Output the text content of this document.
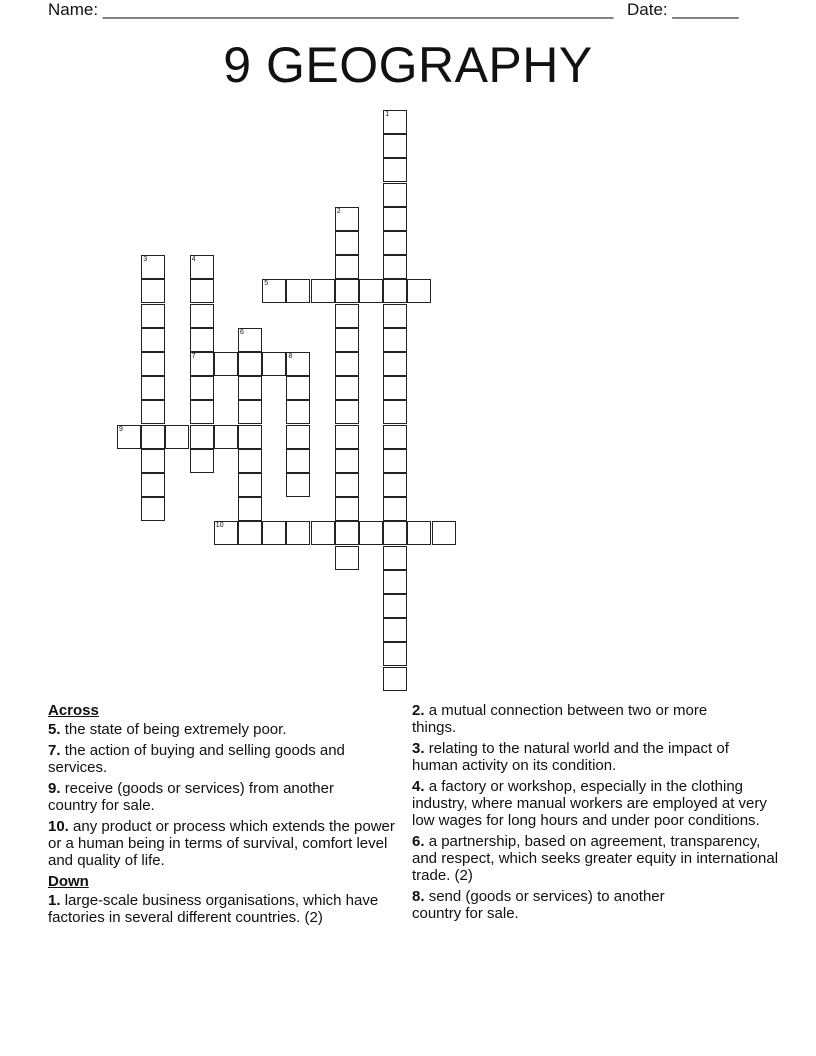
Name: ______________________________________________________ Date: _______
9 GEOGRAPHY
1
2
3	4
7
5
6
8
9
10
Across
5. the state of being extremely poor.
7. the action of buying and selling goods and services.
9. receive (goods or services) from another country for sale.
10. any product or process which extends the power or a human being in terms of survival, comfort level and quality of life.
Down
1. large-scale business organisations, which have factories in several different countries. (2)
2. a mutual connection between two or more things.
3. relating to the natural world and the impact of human activity on its condition.
4. a factory or workshop, especially in the clothing industry, where manual workers are employed at very low wages for long hours and under poor conditions.
6. a partnership, based on agreement, transparency, and respect, which seeks greater equity in international trade. (2)
8. send (goods or services) to another country for sale.
